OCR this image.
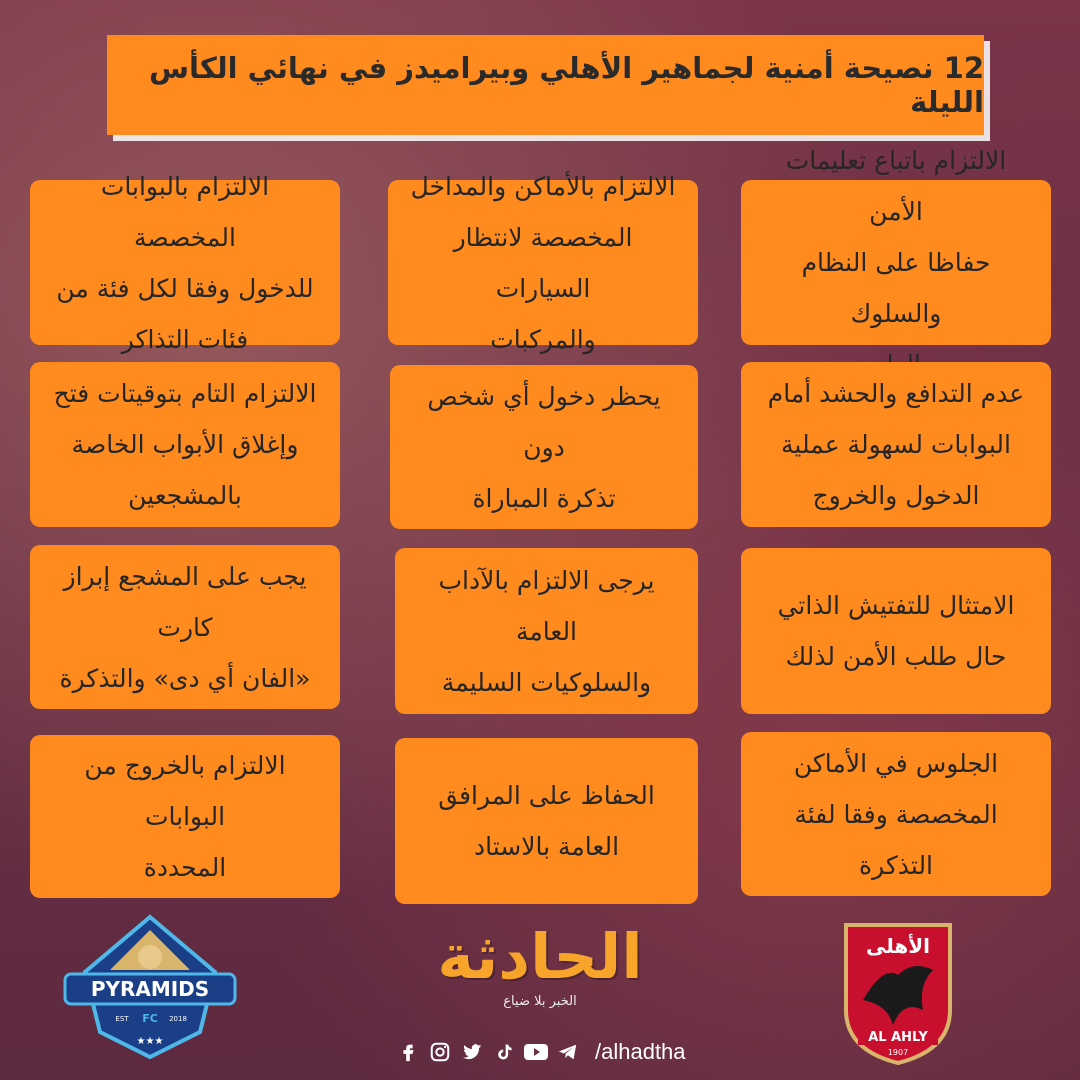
12 نصيحة أمنية لجماهير الأهلي وبيراميدز في نهائي الكأس الليلة
الالتزام بالبوابات المخصصة
للدخول وفقا لكل فئة من
فئات التذاكر
الالتزام بالأماكن والمداخل
المخصصة لانتظار السيارات
والمركبات
الالتزام باتباع تعليمات الأمن
حفاظا على النظام والسلوك
الالتزام التام بتوقيتات فتح
وإغلاق الأبواب الخاصة
بالمشجعين
يحظر دخول أي شخص دون
تذكرة المباراة
عدم التدافع والحشد أمام
البوابات لسهولة عملية
الدخول والخروج
يجب على المشجع إبراز كارت
«الفان أي دى» والتذكرة
يرجى الالتزام بالآداب العامة
والسلوكيات السليمة
الامتثال للتفتيش الذاتي
حال طلب الأمن لذلك
الالتزام بالخروج من البوابات
المحددة
الحفاظ على المرافق
العامة بالاستاد
الجلوس في الأماكن
المخصصة وفقا لفئة التذكرة
PYRAMIDS
EST FC 2018
★★★
الحادثة
الخبر بلا ضياع
/alhadtha
الأهلى
AL AHLY
1907
